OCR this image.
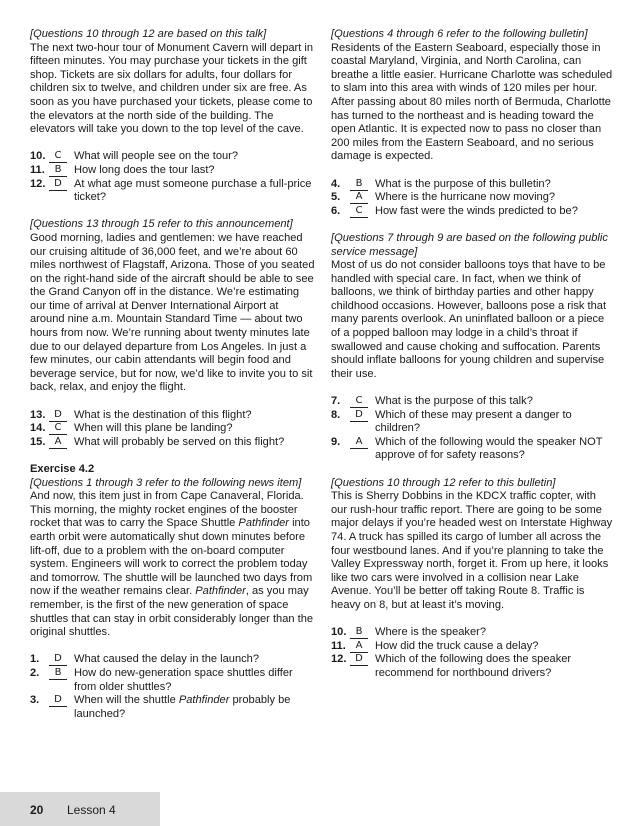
[Questions 10 through 12 are based on this talk]

The next two-hour tour of Monument Cavern will depart in fifteen minutes. You may purchase your tickets in the gift shop. Tickets are six dollars for adults, four dollars for children six to twelve, and children under six are free. As soon as you have purchased your tickets, please come to the elevators at the north side of the building. The elevators will take you down to the top level of the cave.

10. C	What will people see on the tour?
11. B	How long does the tour last?
12. D	At what age must someone purchase a full-price ticket?
[Questions 13 through 15 refer to this announcement]

Good morning, ladies and gentlemen: we have reached our cruising altitude of 36,000 feet, and we’re about 60 miles northwest of Flagstaff, Arizona. Those of you seated on the right-hand side of the aircraft should be able to see the Grand Canyon off in the distance. We’re estimating our time of arrival at Denver International Airport at around nine a.m. Mountain Standard Time — about two hours from now. We’re running about twenty minutes late due to our delayed departure from Los Angeles. In just a few minutes, our cabin attendants will begin food and beverage service, but for now, we’d like to invite you to sit back, relax, and enjoy the flight.

13. D	What is the destination of this flight?
14. C	When will this plane be landing?
15. A	What will probably be served on this flight?
Exercise 4.2
[Questions 1 through 3 refer to the following news item]

And now, this item just in from Cape Canaveral, Florida. This morning, the mighty rocket engines of the booster rocket that was to carry the Space Shuttle Pathfinder into earth orbit were automatically shut down minutes before lift-off, due to a problem with the on-board computer system. Engineers will work to correct the problem today and tomorrow. The shuttle will be launched two days from now if the weather remains clear. Pathfinder, as you may remember, is the first of the new generation of space shuttles that can stay in orbit considerably longer than the original shuttles.

1.	D	What caused the delay in the launch?
2.	B	How do new-generation space shuttles differ from older shuttles?
3.	D	When will the shuttle Pathfinder probably be launched?
[Questions 4 through 6 refer to the following bulletin]

Residents of the Eastern Seaboard, especially those in coastal Maryland, Virginia, and North Carolina, can breathe a little easier. Hurricane Charlotte was scheduled to slam into this area with winds of 120 miles per hour. After passing about 80 miles north of Bermuda, Charlotte has turned to the northeast and is heading toward the open Atlantic. It is expected now to pass no closer than 200 miles from the Eastern Seaboard, and no serious damage is expected.

4.	B	What is the purpose of this bulletin?
5.	A	Where is the hurricane now moving?
6.	C	How fast were the winds predicted to be?
[Questions 7 through 9 are based on the following public service message]

Most of us do not consider balloons toys that have to be handled with special care. In fact, when we think of balloons, we think of birthday parties and other happy childhood occasions. However, balloons pose a risk that many parents overlook. An uninflated balloon or a piece of a popped balloon may lodge in a child’s throat if swallowed and cause choking and suffocation. Parents should inflate balloons for young children and supervise their use.

7.	C	What is the purpose of this talk?
8.	D	Which of these may present a danger to children?
9.	A	Which of the following would the speaker NOT approve of for safety reasons?
[Questions 10 through 12 refer to this bulletin]

This is Sherry Dobbins in the KDCX traffic copter, with our rush-hour traffic report. There are going to be some major delays if you’re headed west on Interstate Highway 74. A truck has spilled its cargo of lumber all across the four westbound lanes. And if you’re planning to take the Valley Expressway north, forget it. From up here, it looks like two cars were involved in a collision near Lake Avenue. You’ll be better off taking Route 8. Traffic is heavy on 8, but at least it’s moving.

10. B	Where is the speaker?
11. A	How did the truck cause a delay?
12. D	Which of the following does the speaker recommend for northbound drivers?
20 Lesson 4
